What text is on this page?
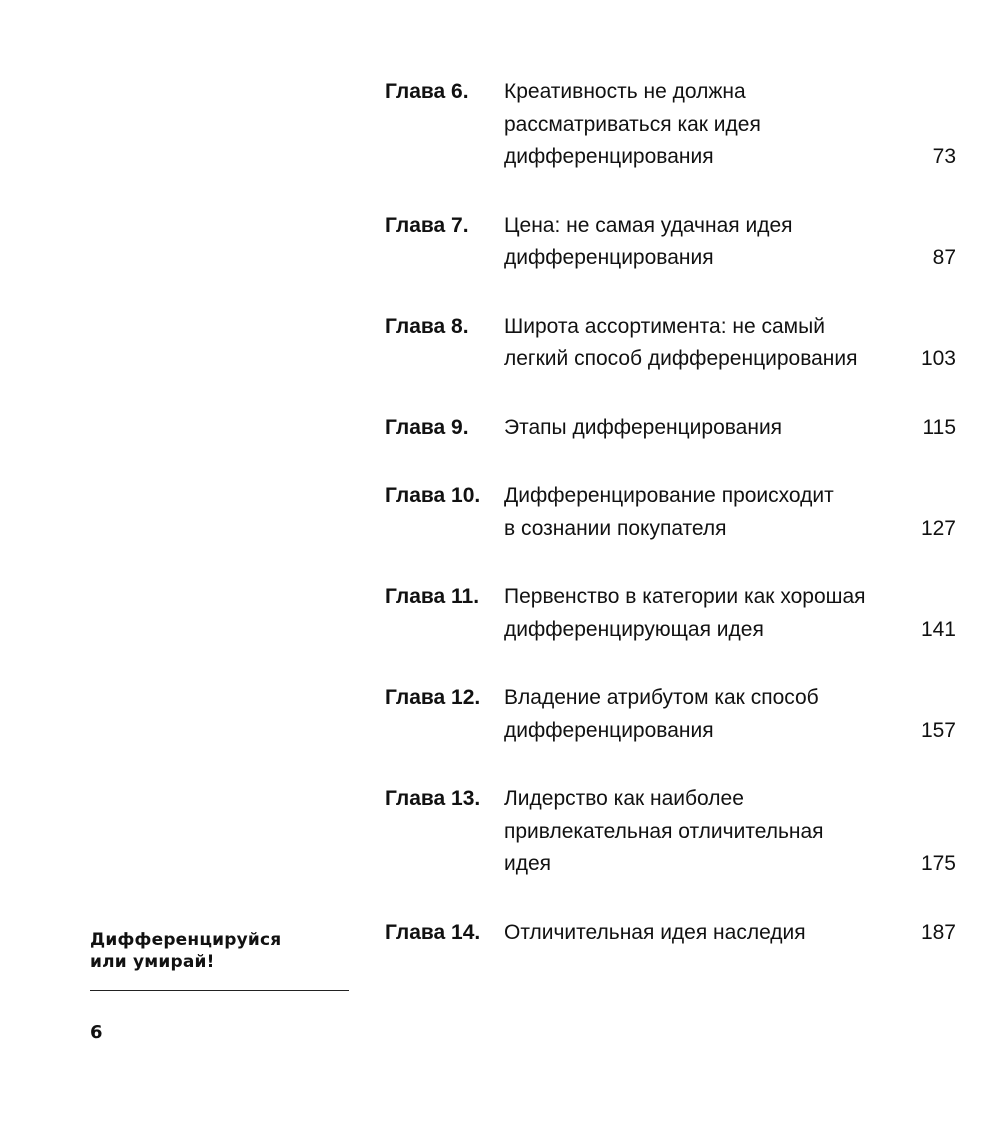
Глава 6. Креативность не должна
рассматриваться как идея
дифференцирования	73
Глава 7. Цена: не самая удачная идея
дифференцирования	87
Глава 8. Широта ассортимента: не самый
легкий способ дифференцирования	103
Глава 9. Этапы дифференцирования	115
Глава 10. Дифференцирование происходит
в сознании покупателя	127
Глава 11. Первенство в категории как хорошая
дифференцирующая идея	141
Глава 12. Владение атрибутом как способ
дифференцирования	157
Глава 13. Лидерство как наиболее
привлекательная отличительная
идея	175
Глава 14. Отличительная идея наследия	187
Дифференцируйся
или умирай!
6
